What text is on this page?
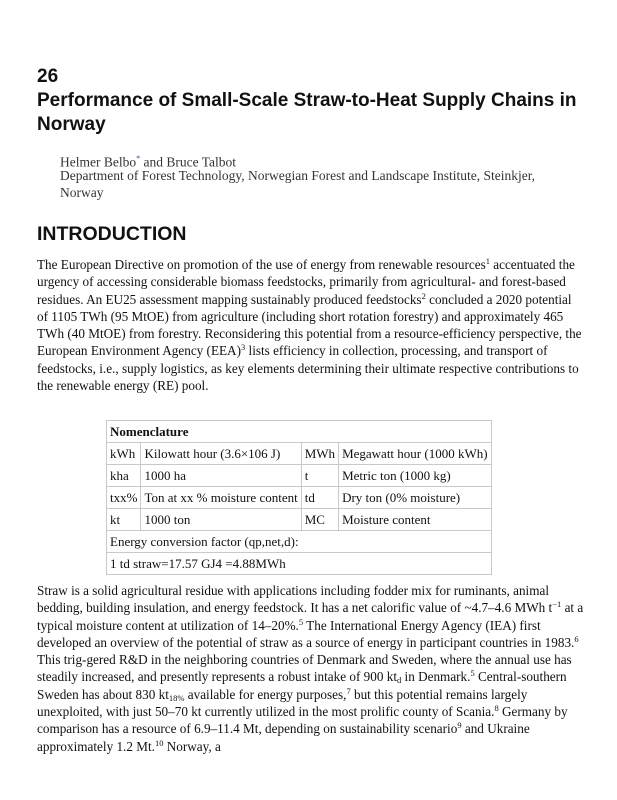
26
Performance of Small-Scale Straw-to-Heat Supply Chains in Norway
Helmer Belbo* and Bruce Talbot
Department of Forest Technology, Norwegian Forest and Landscape Institute, Steinkjer, Norway
INTRODUCTION
The European Directive on promotion of the use of energy from renewable resources$^1$ accentuated the urgency of accessing considerable biomass feedstocks, primarily from agricultural- and forest-based residues. An EU25 assessment mapping sustainably produced feedstocks$^2$ concluded a 2020 potential of 1105 TWh (95 MtOE) from agriculture (including short rotation forestry) and approximately 465 TWh (40 MtOE) from forestry. Reconsidering this potential from a resource-efficiency perspective, the European Environment Agency (EEA)$^3$ lists efficiency in collection, processing, and transport of feedstocks, i.e., supply logistics, as key elements determining their ultimate respective contributions to the renewable energy (RE) pool.
Nomenclature			
kWh	Kilowatt hour (3.6×106 J)	MWh	Megawatt hour (1000 kWh)
kha	1000 ha	t	Metric ton (1000 kg)
txx%	Ton at xx % moisture content	td	Dry ton (0% moisture)
kt	1000 ton	MC	Moisture content
Energy conversion factor (qp,net,d):			
1 td straw=17.57 GJ4 =4.88MWh			
Straw is a solid agricultural residue with applications including fodder mix for ruminants, animal bedding, building insulation, and energy feedstock. It has a net calorific value of ~4.7–4.6 MWh $t^{-1}$ at a typical moisture content at utilization of 14–20%.$^5$ The International Energy Agency (IEA) first developed an overview of the potential of straw as a source of energy in participant countries in 1983.$^6$ This trig-gered R&D in the neighboring countries of Denmark and Sweden, where the annual use has steadily increased, and presently represents a robust intake of 900 $kt_d$ in Denmark.$^5$ Central-southern Sweden has about 830 $kt_{18\%}$ available for energy purposes,$^7$ but this potential remains largely unexploited, with just 50–70 kt currently utilized in the most prolific county of Scania.$^8$ Germany by comparison has a resource of 6.9–11.4 Mt, depending on sustainability scenario$^9$ and Ukraine approximately 1.2 Mt.$^{10}$ Norway, a
